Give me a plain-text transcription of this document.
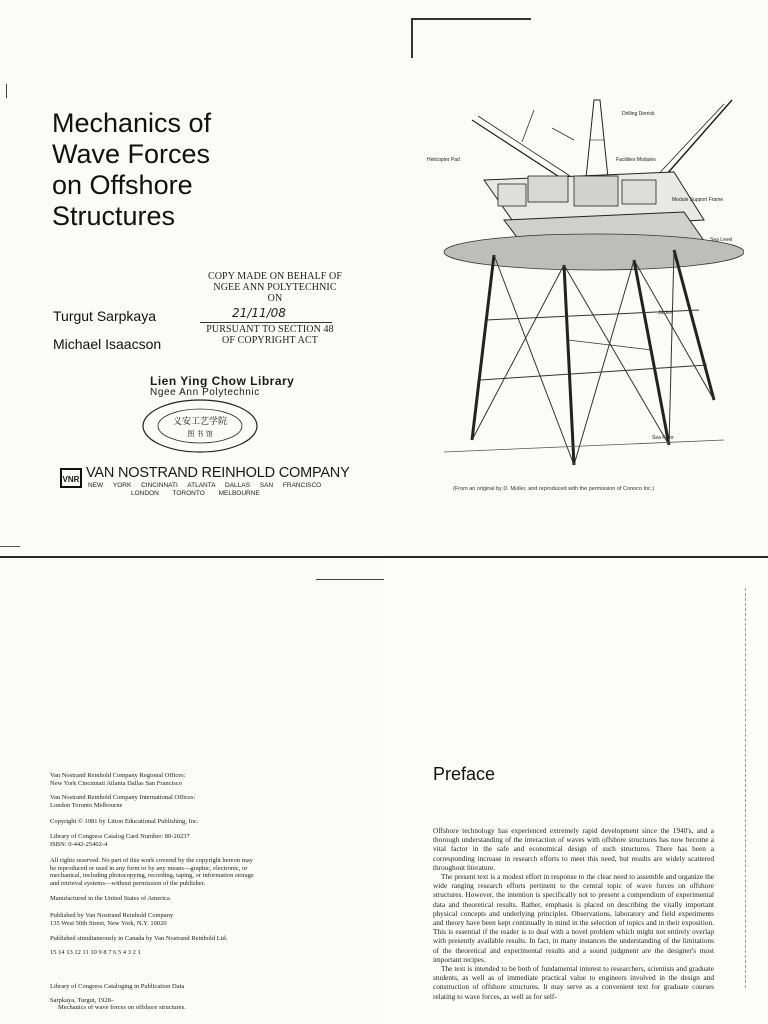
Mechanics of
Wave Forces
on Offshore
Structures
COPY MADE ON BEHALF OF
NGEE ANN POLYTECHNIC
ON
21/11/08
PURSUANT TO SECTION 48
OF COPYRIGHT ACT
Turgut Sarpkaya
Michael Isaacson
Lien Ying Chow Library
Ngee Ann Polytechnic
义安工艺学院
图 书 馆
VNR VAN NOSTRAND REINHOLD COMPANY
NEW YORK CINCINNATI ATLANTA DALLAS SAN FRANCISCO
LONDON TORONTO MELBOURNE
Drilling Derrick
Helicopter Pad	Facilities Modules
Module Support Frame
Sea Level
Jacket
Sea Floor
(From an original by D. Muller, and reproduced with the permission of Conoco Inc.)
Van Nostrand Reinhold Company Regional Offices:
New York Cincinnati Atlanta Dallas San Francisco
Van Nostrand Reinhold Company International Offices:
London Toronto Melbourne
Copyright © 1981 by Litton Educational Publishing, Inc.
Library of Congress Catalog Card Number: 80-20237
ISBN: 0-442-25402-4
All rights reserved. No part of this work covered by the copyright hereon may
be reproduced or used in any form or by any means—graphic, electronic, or
mechanical, including photocopying, recording, taping, or information storage
and retrieval systems—without permission of the publisher.
Manufactured in the United States of America
Published by Van Nostrand Reinhold Company
135 West 50th Street, New York, N.Y. 10020
Published simultaneously in Canada by Van Nostrand Reinhold Ltd.
15 14 13 12 11 10 9 8 7 6 5 4 3 2 1
Library of Congress Cataloging in Publication Data
Sarpkaya, Turgut, 1928–
Mechanics of wave forces on offshore structures.
Preface

Offshore technology has experienced extremely rapid development since the 1940's, and a thorough understanding of the interaction of waves with offshore structures has now become a vital factor in the safe and economical design of such structures. There has been a corresponding increase in research efforts to meet this need, but results are widely scattered throughout literature.

The present text is a modest effort in response to the clear need to assemble and organize the wide ranging research efforts pertinent to the central topic of wave forces on offshore structures. However, the intention is specifically not to present a compendium of experimental data and theoretical results. Rather, emphasis is placed on describing the vitally important physical concepts and underlying principles. Observations, laboratory and field experiments and theory have been kept continually in mind in the selection of topics and in their exposition. This is essential if the reader is to deal with a novel problem which might not entirely overlap with presently available results. In fact, in many instances the understanding of the limitations of the theoretical and experimental results and a sound judgment are the designer's most important recipes.

The text is intended to be both of fundamental interest to researchers, scientists and graduate students, as well as of immediate practical value to engineers involved in the design and construction of offshore structures. It may serve as a convenient text for graduate courses relating to wave forces, as well as for self-
